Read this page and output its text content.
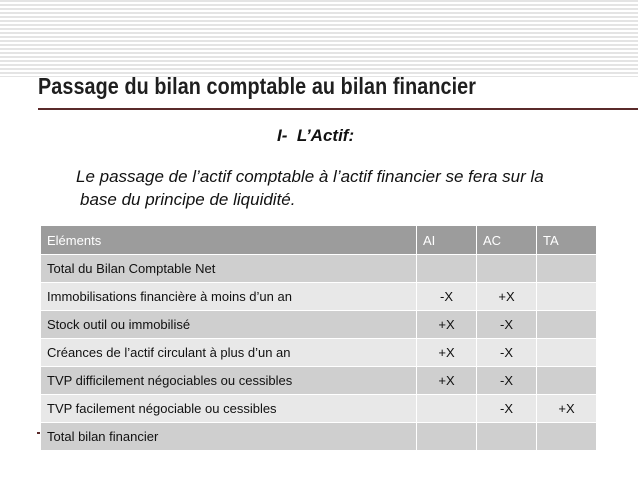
Passage du bilan comptable au bilan financier
I-  L’Actif:
Le passage de l’actif comptable à l’actif financier se fera sur la
base du principe de liquidité.
Eléments	AI	AC	TA
Total du Bilan Comptable Net			
Immobilisations financière à moins d’un an	-X	+X	
Stock outil ou immobilisé	+X	-X	
Créances de l’actif circulant à plus d’un an	+X	-X	
TVP difficilement négociables ou cessibles	+X	-X	
TVP facilement négociable ou cessibles		-X	+X
Total bilan financier			
